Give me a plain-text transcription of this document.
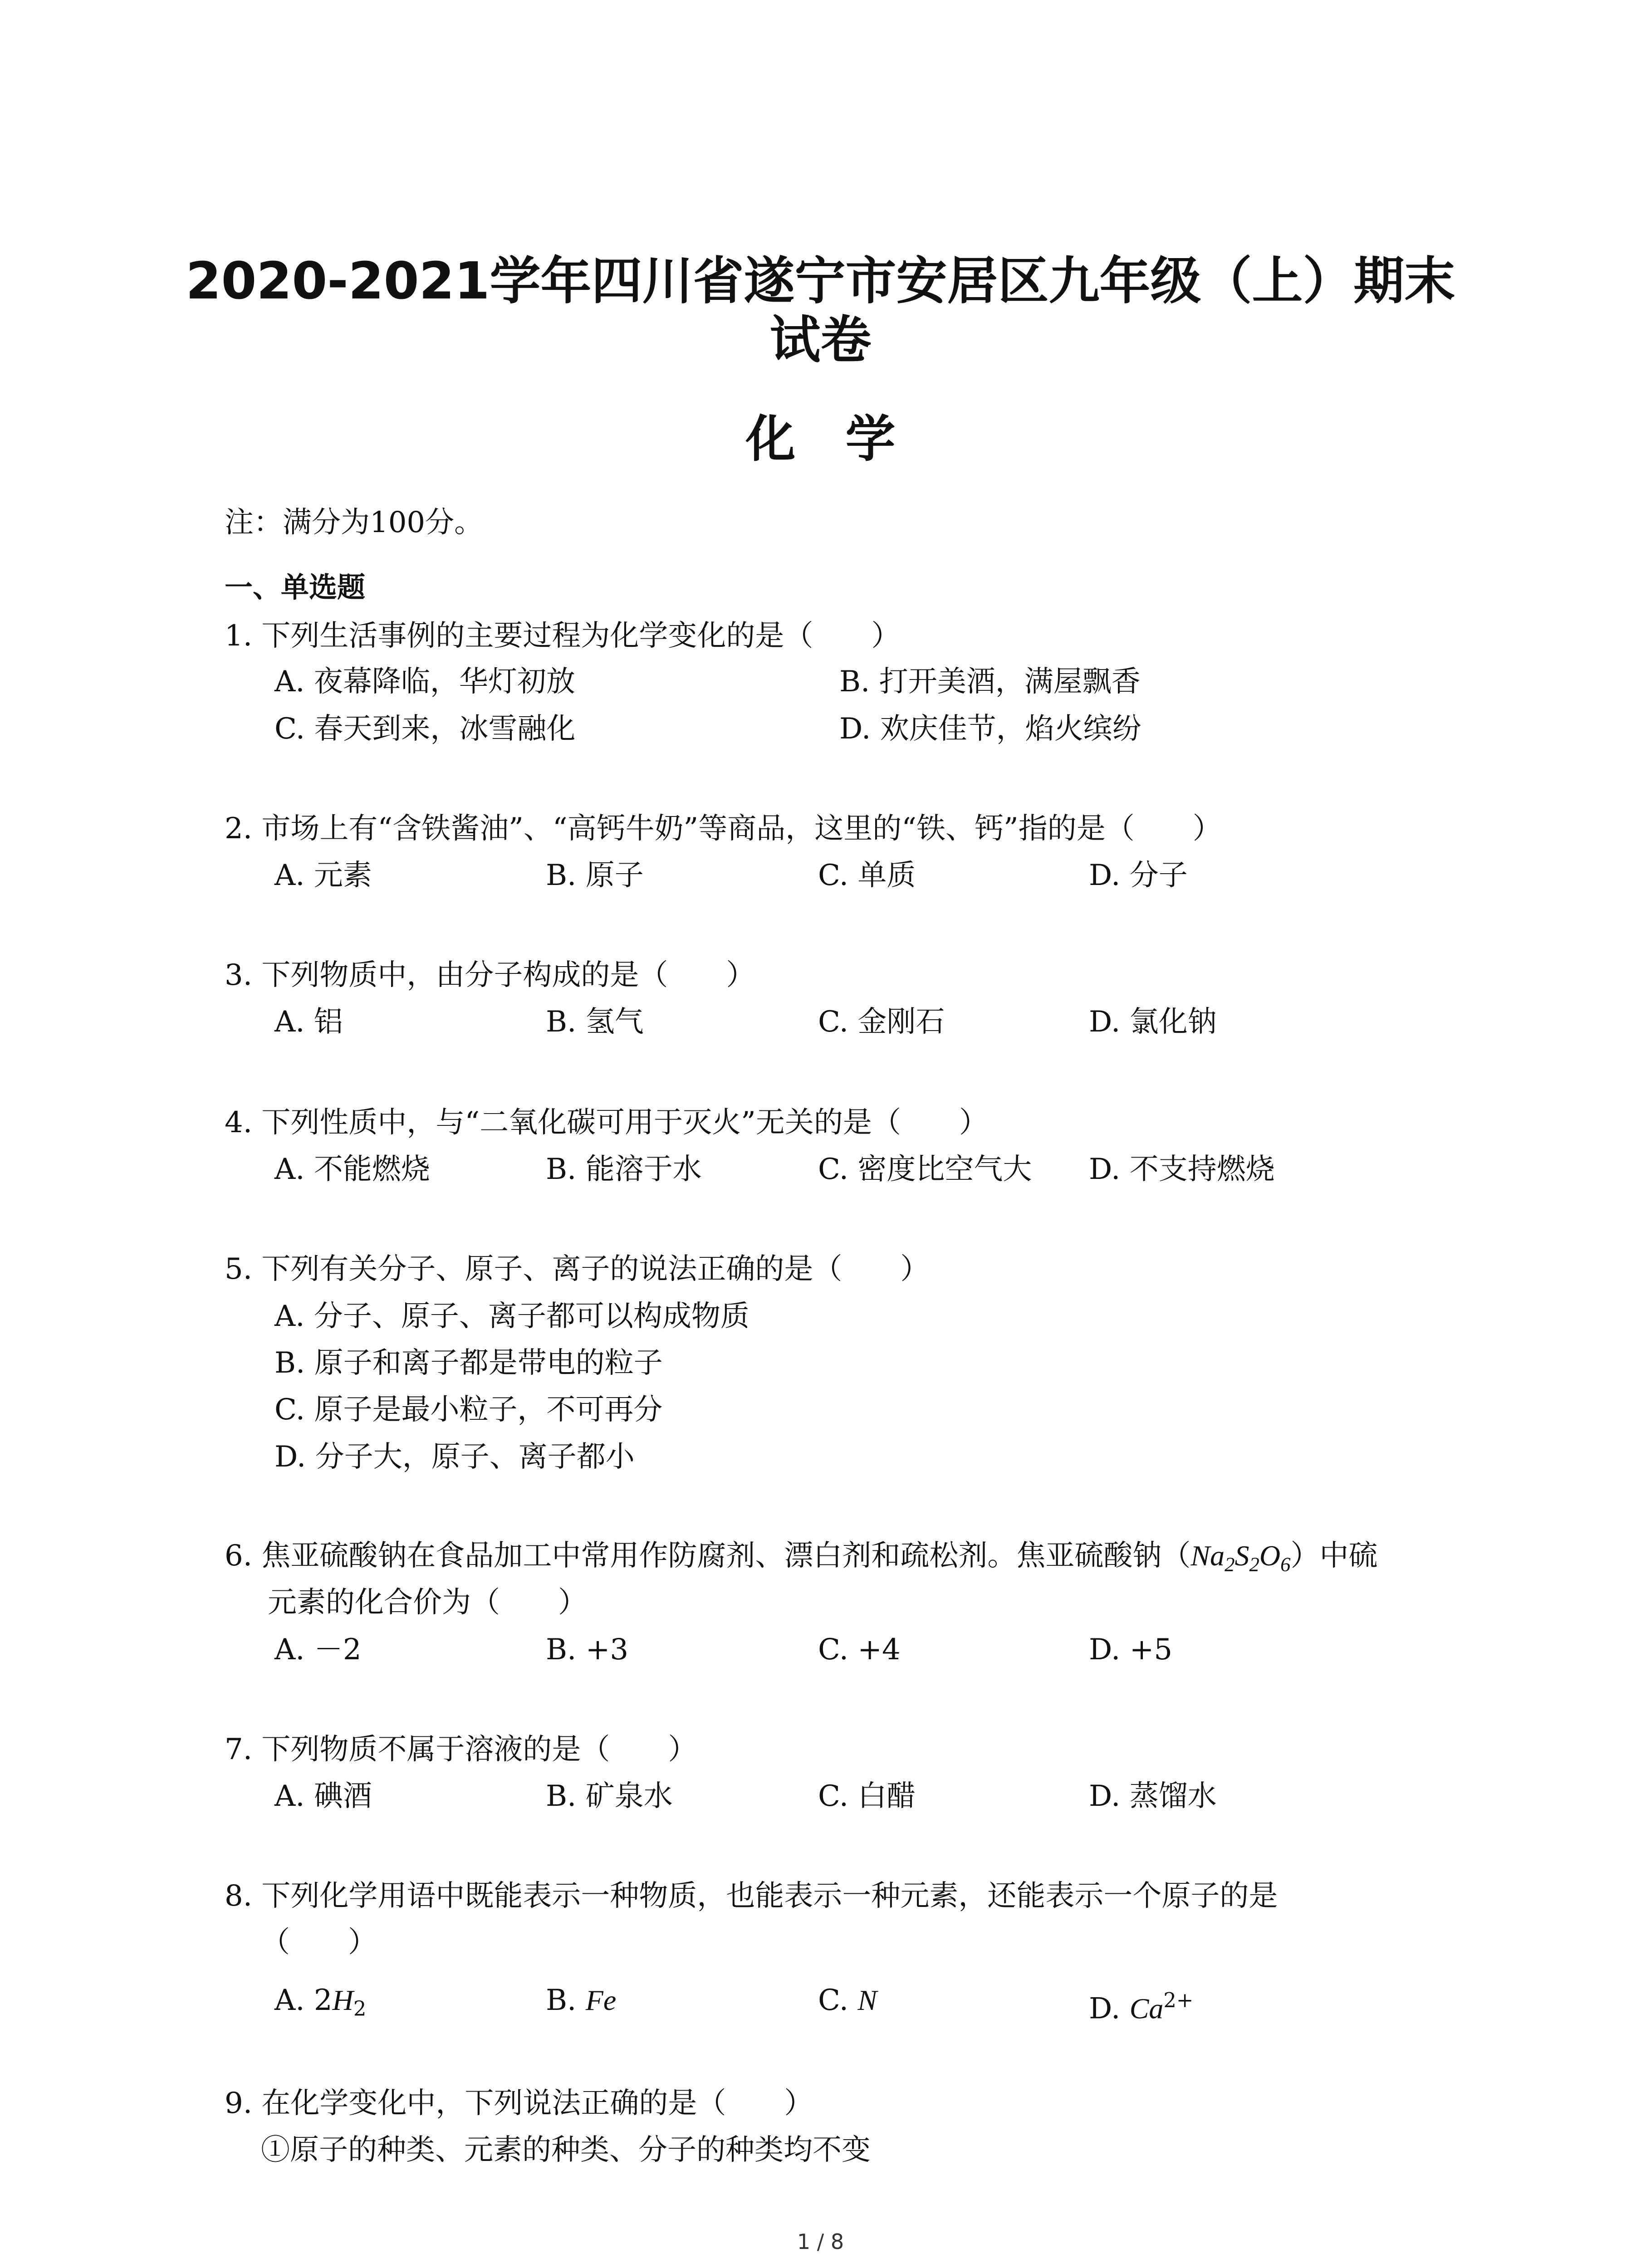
2020-2021学年四川省遂宁市安居区九年级（上）期末
试卷
化学
注：满分为100分。
一、单选题
1. 下列生活事例的主要过程为化学变化的是（　　）
A. 夜幕降临，华灯初放	B. 打开美酒，满屋飘香
C. 春天到来，冰雪融化	D. 欢庆佳节，焰火缤纷
2. 市场上有“含铁酱油”、“高钙牛奶”等商品，这里的“铁、钙”指的是（　　）
A. 元素	B. 原子	C. 单质	D. 分子
3. 下列物质中，由分子构成的是（　　）
A. 铝	B. 氢气	C. 金刚石	D. 氯化钠
4. 下列性质中，与“二氧化碳可用于灭火”无关的是（　　）
A. 不能燃烧	B. 能溶于水	C. 密度比空气大 D. 不支持燃烧
5. 下列有关分子、原子、离子的说法正确的是（　　）
A. 分子、原子、离子都可以构成物质
B. 原子和离子都是带电的粒子
C. 原子是最小粒子，不可再分
D. 分子大，原子、离子都小
6. 焦亚硫酸钠在食品加工中常用作防腐剂、漂白剂和疏松剂。焦亚硫酸钠$(Na_2S_2O_6)$中硫
元素的化合价为（　　）
A. －2	B. +3	C. +4	D. +5
7. 下列物质不属于溶液的是（　　）
A. 碘酒	B. 矿泉水	C. 白醋	D. 蒸馏水
8. 下列化学用语中既能表示一种物质，也能表示一种元素，还能表示一个原子的是
（　　）
A. $2H_2$	B. Fe	C. N	D. $Ca^{2+}$
9. 在化学变化中，下列说法正确的是（　　）
①原子的种类、元素的种类、分子的种类均不变
1 / 8
